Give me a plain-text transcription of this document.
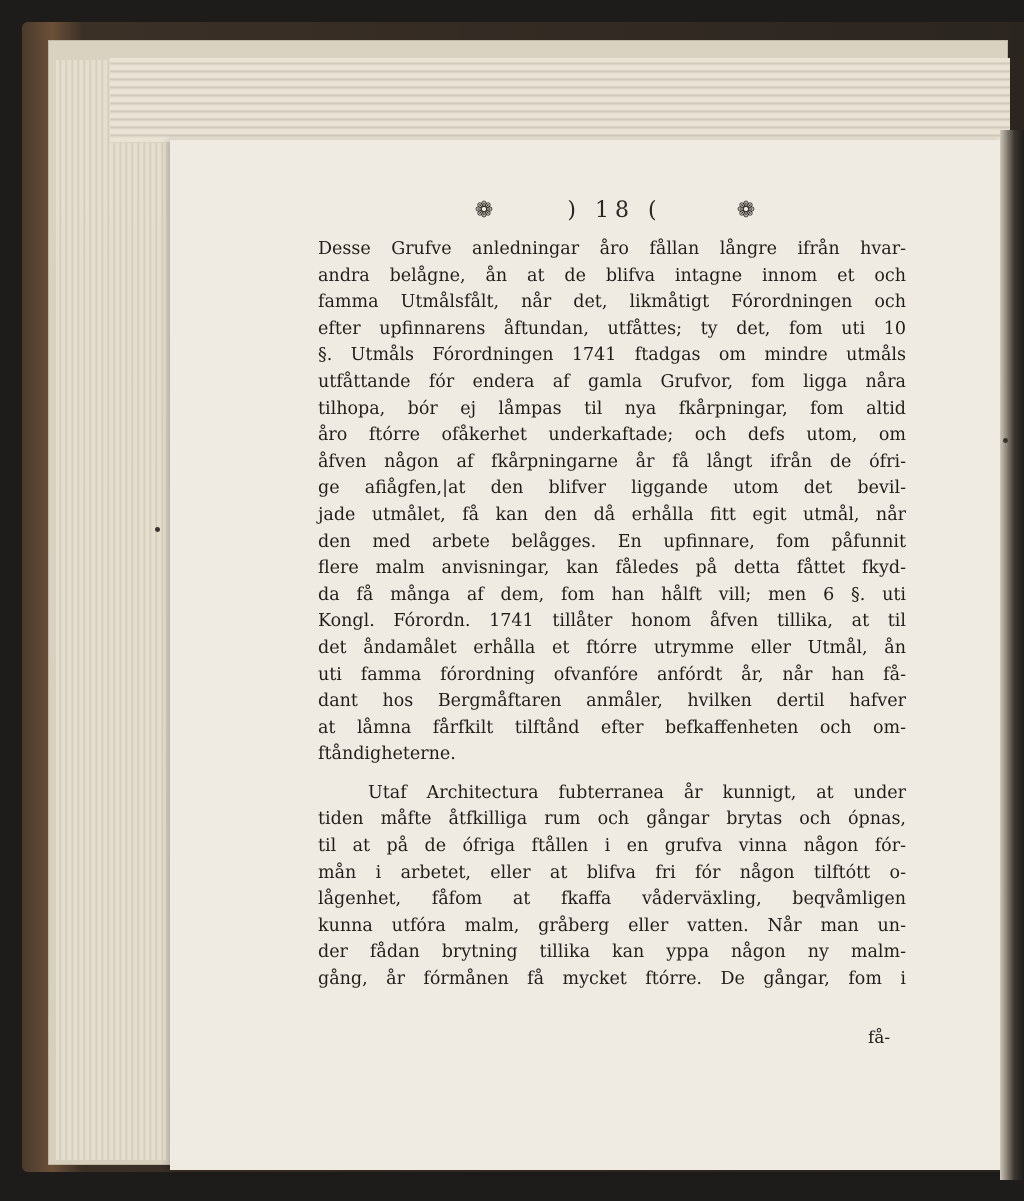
❁	) 18 (	❁
Desse Grufve anledningar åro fållan långre ifrån hvar-
andra belågne, ån at de blifva intagne innom et och
famma Utmålsfålt, når det, likmåtigt Fórordningen och
efter upfinnarens åftundan, utfåttes; ty det, fom uti 10
§. Utmåls Fórordningen 1741 ftadgas om mindre utmåls
utfåttande fór endera af gamla Grufvor, fom ligga nåra
tilhopa, bór ej låmpas til nya fkårpningar, fom altid
åro ftórre ofåkerhet underkaftade; och defs utom, om
åfven någon af fkårpningarne år få långt ifrån de ófri-
ge afiågfen,|at den blifver liggande utom det bevil-
jade utmålet, få kan den då erhålla fitt egit utmål, når
den med arbete belågges. En upfinnare, fom påfunnit
flere malm anvisningar, kan fåledes på detta fåttet fkyd-
da få många af dem, fom han hålft vill; men 6 §. uti
Kongl. Fórordn. 1741 tillåter honom åfven tillika, at til
det åndamålet erhålla et ftórre utrymme eller Utmål, ån
uti famma fórordning ofvanfóre anfórdt år, når han få-
dant hos Bergmåftaren anmåler, hvilken dertil hafver
at låmna fårfkilt tilftånd efter befkaffenheten och om-
ftåndigheterne.
Utaf Architectura fubterranea år kunnigt, at under
tiden måfte åtfkilliga rum och gångar brytas och ópnas,
til at på de ófriga ftållen i en grufva vinna någon fór-
mån i arbetet, eller at blifva fri fór någon tilftótt o-
lågenhet, fåfom at fkaffa våderväxling, beqvåmligen
kunna utfóra malm, gråberg eller vatten. Når man un-
der fådan brytning tillika kan yppa någon ny malm-
gång, år fórmånen få mycket ftórre. De gångar, fom i
få-
